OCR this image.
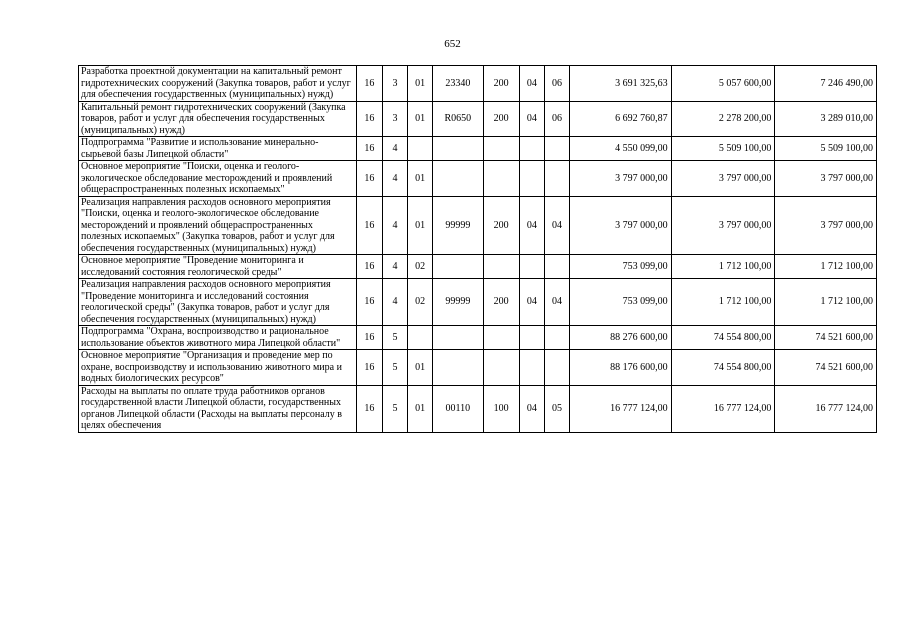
652
Разработка проектной документации на капитальный ремонт гидротехнических сооружений (Закупка товаров, работ и услуг для обеспечения государственных (муниципальных) нужд)	16	3	01	23340	200	04	06	3 691 325,63	5 057 600,00	7 246 490,00
Капитальный ремонт гидротехнических сооружений (Закупка товаров, работ и услуг для обеспечения государственных (муниципальных) нужд)	16	3	01	R0650	200	04	06	6 692 760,87	2 278 200,00	3 289 010,00
Подпрограмма "Развитие и использование минерально-сырьевой базы Липецкой области"	16	4						4 550 099,00	5 509 100,00	5 509 100,00
Основное мероприятие "Поиски, оценка и геолого-экологическое обследование месторождений и проявлений общераспространенных полезных ископаемых"	16	4	01					3 797 000,00	3 797 000,00	3 797 000,00
Реализация направления расходов основного мероприятия "Поиски, оценка и геолого-экологическое обследование месторождений и проявлений общераспространенных полезных ископаемых" (Закупка товаров, работ и услуг для обеспечения государственных (муниципальных) нужд)	16	4	01	99999	200	04	04	3 797 000,00	3 797 000,00	3 797 000,00
Основное мероприятие "Проведение мониторинга и исследований состояния геологической среды"	16	4	02					753 099,00	1 712 100,00	1 712 100,00
Реализация направления расходов основного мероприятия "Проведение мониторинга и исследований состояния геологической среды" (Закупка товаров, работ и услуг для обеспечения государственных (муниципальных) нужд)	16	4	02	99999	200	04	04	753 099,00	1 712 100,00	1 712 100,00
Подпрограмма "Охрана, воспроизводство и рациональное использование объектов животного мира Липецкой области"	16	5						88 276 600,00	74 554 800,00	74 521 600,00
Основное мероприятие "Организация и проведение мер по охране, воспроизводству и использованию животного мира и водных биологических ресурсов"	16	5	01					88 176 600,00	74 554 800,00	74 521 600,00
Расходы на выплаты по оплате труда работников органов государственной власти Липецкой области, государственных органов Липецкой области (Расходы на выплаты персоналу в целях обеспечения	16	5	01	00110	100	04	05	16 777 124,00	16 777 124,00	16 777 124,00
